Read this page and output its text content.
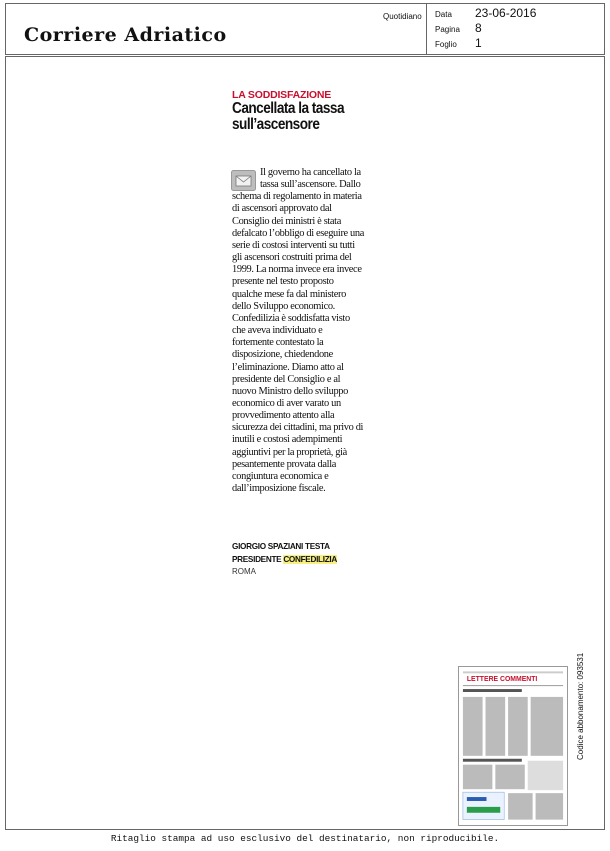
Corriere Adriatico
Quotidiano Data 23-06-2016
Pagina 8
Foglio 1
LA SODDISFAZIONE
Cancellata la tassa sull’ascensore

Il governo ha cancellato la tassa sull’ascensore. Dallo schema di regolamento in materia di ascensori approvato dal Consiglio dei ministri è stata defalcato l’obbligo di eseguire una serie di costosi interventi su tutti gli ascensori costruiti prima del 1999. La norma invece era invece presente nel testo proposto qualche mese fa dal ministero dello Sviluppo economico. Confedilizia è soddisfatta visto che aveva individuato e fortemente contestato la disposizione, chiedendone l’eliminazione. Diamo atto al presidente del Consiglio e al nuovo Ministro dello sviluppo economico di aver varato un provvedimento attento alla sicurezza dei cittadini, ma privo di inutili e costosi adempimenti aggiuntivi per la proprietà, già pesantemente provata dalla congiuntura economica e dall’imposizione fiscale.

GIORGIO SPAZIANI TESTA
PRESIDENTE CONFEDILIZIA
ROMA
LETTERE COMMENTI	Codice abbonamento: 093531
Ritaglio stampa ad uso esclusivo del destinatario, non riproducibile.
